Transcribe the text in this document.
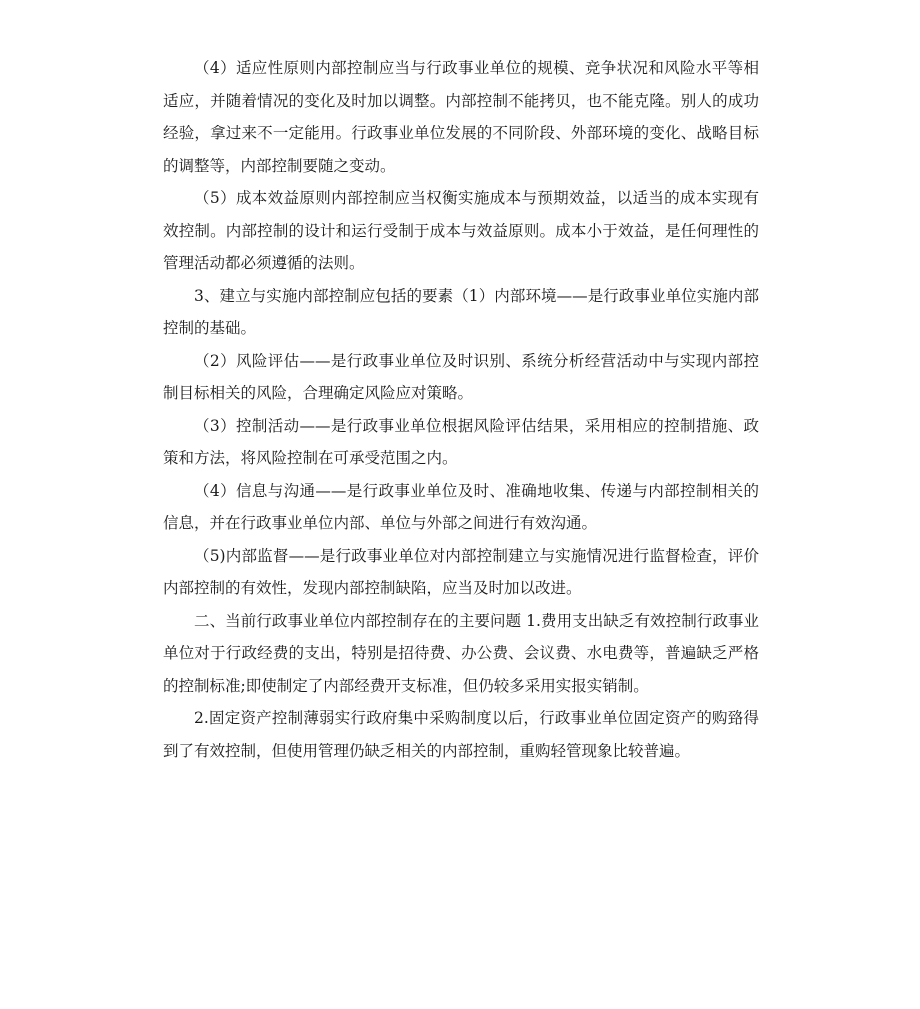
（4）适应性原则内部控制应当与行政事业单位的规模、竞争状况和风险水平等相适应，并随着情况的变化及时加以调整。内部控制不能拷贝，也不能克隆。别人的成功经验，拿过来不一定能用。行政事业单位发展的不同阶段、外部环境的变化、战略目标的调整等，内部控制要随之变动。

（5）成本效益原则内部控制应当权衡实施成本与预期效益，以适当的成本实现有效控制。内部控制的设计和运行受制于成本与效益原则。成本小于效益，是任何理性的管理活动都必须遵循的法则。

3、建立与实施内部控制应包括的要素（1）内部环境——是行政事业单位实施内部控制的基础。

（2）风险评估——是行政事业单位及时识别、系统分析经营活动中与实现内部控制目标相关的风险，合理确定风险应对策略。

（3）控制活动——是行政事业单位根据风险评估结果，采用相应的控制措施、政策和方法，将风险控制在可承受范围之内。

（4）信息与沟通——是行政事业单位及时、准确地收集、传递与内部控制相关的信息，并在行政事业单位内部、单位与外部之间进行有效沟通。

（5)内部监督——是行政事业单位对内部控制建立与实施情况进行监督检查，评价内部控制的有效性，发现内部控制缺陷，应当及时加以改进。

二、当前行政事业单位内部控制存在的主要问题 1.费用支出缺乏有效控制行政事业单位对于行政经费的支出，特别是招待费、办公费、会议费、水电费等，普遍缺乏严格的控制标准;即使制定了内部经费开支标准，但仍较多采用实报实销制。

2.固定资产控制薄弱实行政府集中采购制度以后，行政事业单位固定资产的购臵得到了有效控制，但使用管理仍缺乏相关的内部控制，重购轻管现象比较普遍。
